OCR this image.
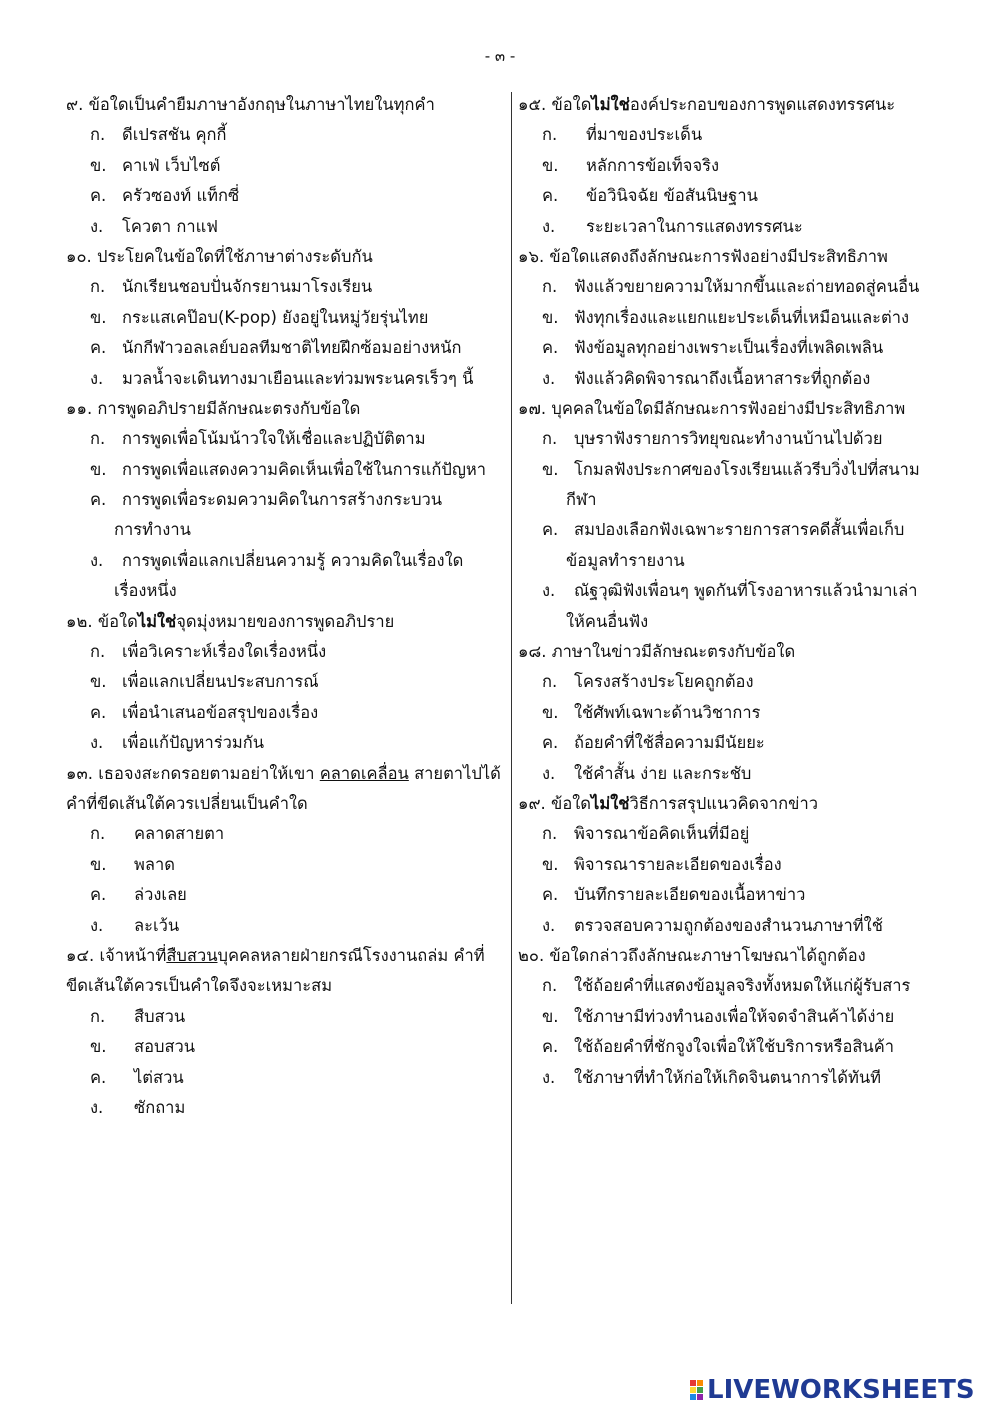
- ๓ -
๙. ข้อใดเป็นคำยืมภาษาอังกฤษในภาษาไทยในทุกคำ
ก. ดีเปรสชัน คุกกี้
ข. คาเฟ่ เว็บไซต์
ค. ครัวซองท์ แท็กซี่
ง. โควตา กาแฟ
๑๐. ประโยคในข้อใดที่ใช้ภาษาต่างระดับกัน
ก. นักเรียนชอบปั่นจักรยานมาโรงเรียน
ข. กระแสเคป๊อบ(K-pop) ยังอยู่ในหมู่วัยรุ่นไทย
ค. นักกีฬาวอลเลย์บอลทีมชาติไทยฝึกซ้อมอย่างหนัก
ง. มวลน้ำจะเดินทางมาเยือนและท่วมพระนครเร็วๆ นี้
๑๑. การพูดอภิปรายมีลักษณะตรงกับข้อใด
ก. การพูดเพื่อโน้มน้าวใจให้เชื่อและปฏิบัติตาม
ข. การพูดเพื่อแสดงความคิดเห็นเพื่อใช้ในการแก้ปัญหา
ค. การพูดเพื่อระดมความคิดในการสร้างกระบวน
การทำงาน
ง. การพูดเพื่อแลกเปลี่ยนความรู้ ความคิดในเรื่องใด
เรื่องหนึ่ง
๑๒. ข้อใดไม่ใช่จุดมุ่งหมายของการพูดอภิปราย
ก. เพื่อวิเคราะห์เรื่องใดเรื่องหนึ่ง
ข. เพื่อแลกเปลี่ยนประสบการณ์
ค. เพื่อนำเสนอข้อสรุปของเรื่อง
ง. เพื่อแก้ปัญหาร่วมกัน
๑๓. เธอจงสะกดรอยตามอย่าให้เขา คลาดเคลื่อน สายตาไปได้
คำที่ขีดเส้นใต้ควรเปลี่ยนเป็นคำใด
ก. คลาดสายตา
ข. พลาด
ค. ล่วงเลย
ง. ละเว้น
๑๔. เจ้าหน้าที่สืบสวนบุคคลหลายฝ่ายกรณีโรงงานถล่ม คำที่
ขีดเส้นใต้ควรเป็นคำใดจึงจะเหมาะสม
ก. สืบสวน
ข. สอบสวน
ค. ไต่สวน
ง. ซักถาม
๑๕. ข้อใดไม่ใช่องค์ประกอบของการพูดแสดงทรรศนะ
ก. ที่มาของประเด็น
ข. หลักการข้อเท็จจริง
ค. ข้อวินิจฉัย ข้อสันนิษฐาน
ง. ระยะเวลาในการแสดงทรรศนะ
๑๖. ข้อใดแสดงถึงลักษณะการฟังอย่างมีประสิทธิภาพ
ก. ฟังแล้วขยายความให้มากขึ้นและถ่ายทอดสู่คนอื่น
ข. ฟังทุกเรื่องและแยกแยะประเด็นที่เหมือนและต่าง
ค. ฟังข้อมูลทุกอย่างเพราะเป็นเรื่องที่เพลิดเพลิน
ง. ฟังแล้วคิดพิจารณาถึงเนื้อหาสาระที่ถูกต้อง
๑๗. บุคคลในข้อใดมีลักษณะการฟังอย่างมีประสิทธิภาพ
ก. บุษราฟังรายการวิทยุขณะทำงานบ้านไปด้วย
ข. โกมลฟังประกาศของโรงเรียนแล้วรีบวิ่งไปที่สนาม
กีฬา
ค. สมปองเลือกฟังเฉพาะรายการสารคดีสั้นเพื่อเก็บ
ข้อมูลทำรายงาน
ง. ณัฐวุฒิฟังเพื่อนๆ พูดกันที่โรงอาหารแล้วนำมาเล่า
ให้คนอื่นฟัง
๑๘. ภาษาในข่าวมีลักษณะตรงกับข้อใด
ก. โครงสร้างประโยคถูกต้อง
ข. ใช้ศัพท์เฉพาะด้านวิชาการ
ค. ถ้อยคำที่ใช้สื่อความมีนัยยะ
ง. ใช้คำสั้น ง่าย และกระชับ
๑๙. ข้อใดไม่ใช่วิธีการสรุปแนวคิดจากข่าว
ก. พิจารณาข้อคิดเห็นที่มีอยู่
ข. พิจารณารายละเอียดของเรื่อง
ค. บันทึกรายละเอียดของเนื้อหาข่าว
ง. ตรวจสอบความถูกต้องของสำนวนภาษาที่ใช้
๒๐. ข้อใดกล่าวถึงลักษณะภาษาโฆษณาได้ถูกต้อง
ก. ใช้ถ้อยคำที่แสดงข้อมูลจริงทั้งหมดให้แก่ผู้รับสาร
ข. ใช้ภาษามีท่วงทำนองเพื่อให้จดจำสินค้าได้ง่าย
ค. ใช้ถ้อยคำที่ชักจูงใจเพื่อให้ใช้บริการหรือสินค้า
ง. ใช้ภาษาที่ทำให้ก่อให้เกิดจินตนาการได้ทันที
LIVEWORKSHEETS
